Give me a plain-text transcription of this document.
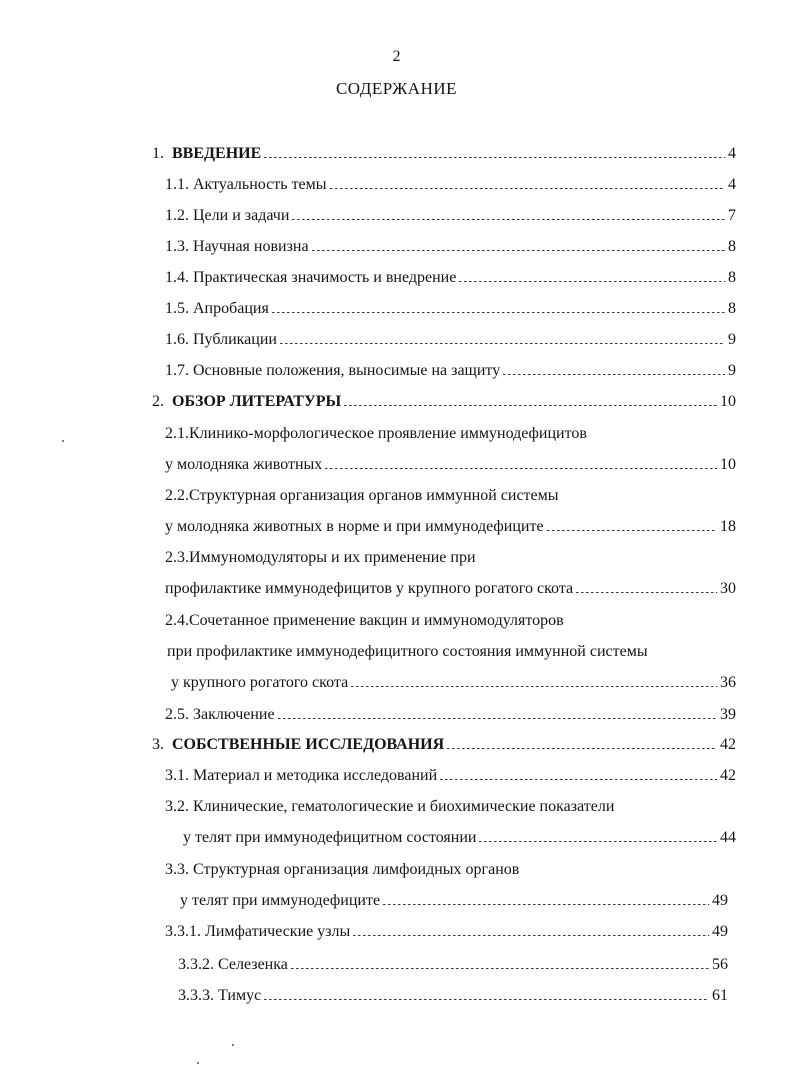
2
СОДЕРЖАНИЕ
1. ВВЕДЕНИЕ	4
1.1. Актуальность темы	4
1.2. Цели и задачи	7
1.3. Научная новизна	8
1.4. Практическая значимость и внедрение	8
1.5. Апробация	8
1.6. Публикации	9
1.7. Основные положения, выносимые на защиту	9
2. ОБЗОР ЛИТЕРАТУРЫ	10
2.1.Клинико-морфологическое проявление иммунодефицитов
у молодняка животных	10
2.2.Структурная организация органов иммунной системы
у молодняка животных в норме и при иммунодефиците	18
2.3.Иммуномодуляторы и их применение при
профилактике иммунодефицитов у крупного рогатого скота	30
2.4.Сочетанное применение вакцин и иммуномодуляторов
при профилактике иммунодефицитного состояния иммунной системы
у крупного рогатого скота	36
2.5. Заключение	39
3. СОБСТВЕННЫЕ ИССЛЕДОВАНИЯ	42
3.1. Материал и методика исследований	42
3.2. Клинические, гематологические и биохимические показатели
у телят при иммунодефицитном состоянии	44
3.3. Структурная организация лимфоидных органов
у телят при иммунодефиците	49
3.3.1. Лимфатические узлы	49
3.3.2. Селезенка	56
3.3.3. Тимус	61
